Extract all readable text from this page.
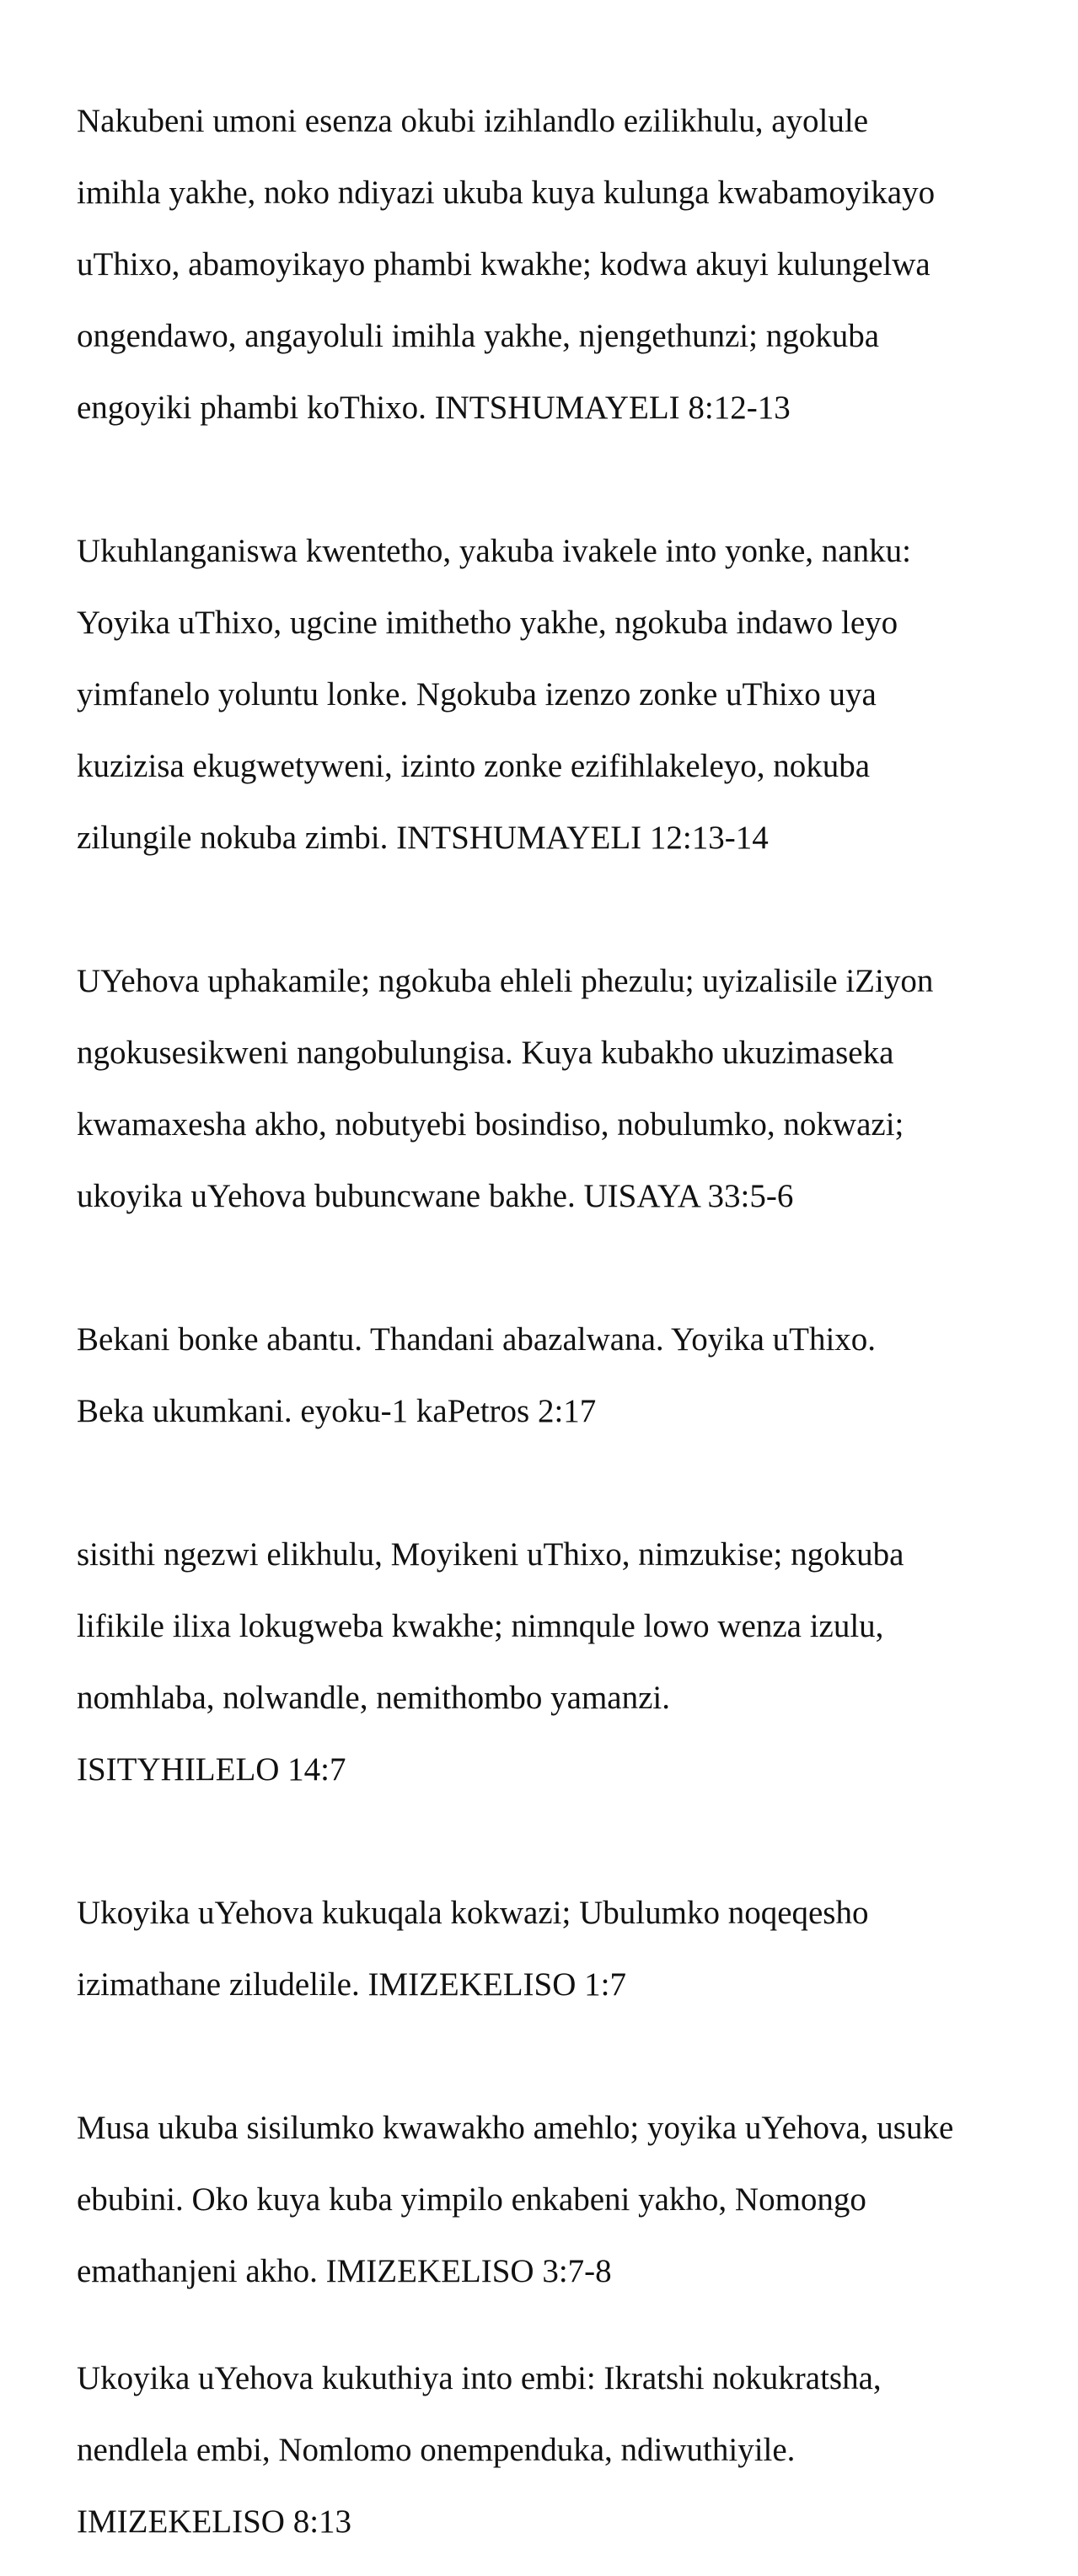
Nakubeni umoni esenza okubi izihlandlo ezilikhulu, ayolule

imihla yakhe, noko ndiyazi ukuba kuya kulunga kwabamoyikayo

uThixo, abamoyikayo phambi kwakhe; kodwa akuyi kulungelwa

ongendawo, angayoluli imihla yakhe, njengethunzi; ngokuba

engoyiki phambi koThixo. INTSHUMAYELI 8:12-13

Ukuhlanganiswa kwentetho, yakuba ivakele into yonke, nanku:

Yoyika uThixo, ugcine imithetho yakhe, ngokuba indawo leyo

yimfanelo yoluntu lonke. Ngokuba izenzo zonke uThixo uya

kuzizisa ekugwetyweni, izinto zonke ezifihlakeleyo, nokuba

zilungile nokuba zimbi. INTSHUMAYELI 12:13-14

UYehova uphakamile; ngokuba ehleli phezulu; uyizalisile iZiyon

ngokusesikweni nangobulungisa. Kuya kubakho ukuzimaseka

kwamaxesha akho, nobutyebi bosindiso, nobulumko, nokwazi;

ukoyika uYehova bubuncwane bakhe. UISAYA 33:5-6

Bekani bonke abantu. Thandani abazalwana. Yoyika uThixo.

Beka ukumkani. eyoku-1 kaPetros 2:17

sisithi ngezwi elikhulu, Moyikeni uThixo, nimzukise; ngokuba

lifikile ilixa lokugweba kwakhe; nimnqule lowo wenza izulu,

nomhlaba, nolwandle, nemithombo yamanzi.

ISITYHILELO 14:7

Ukoyika uYehova kukuqala kokwazi; Ubulumko noqeqesho

izimathane ziludelile. IMIZEKELISO 1:7

Musa ukuba sisilumko kwawakho amehlo; yoyika uYehova, usuke

ebubini. Oko kuya kuba yimpilo enkabeni yakho, Nomongo

emathanjeni akho. IMIZEKELISO 3:7-8

Ukoyika uYehova kukuthiya into embi: Ikratshi nokukratsha,

nendlela embi, Nomlomo onempenduka, ndiwuthiyile.

IMIZEKELISO 8:13
